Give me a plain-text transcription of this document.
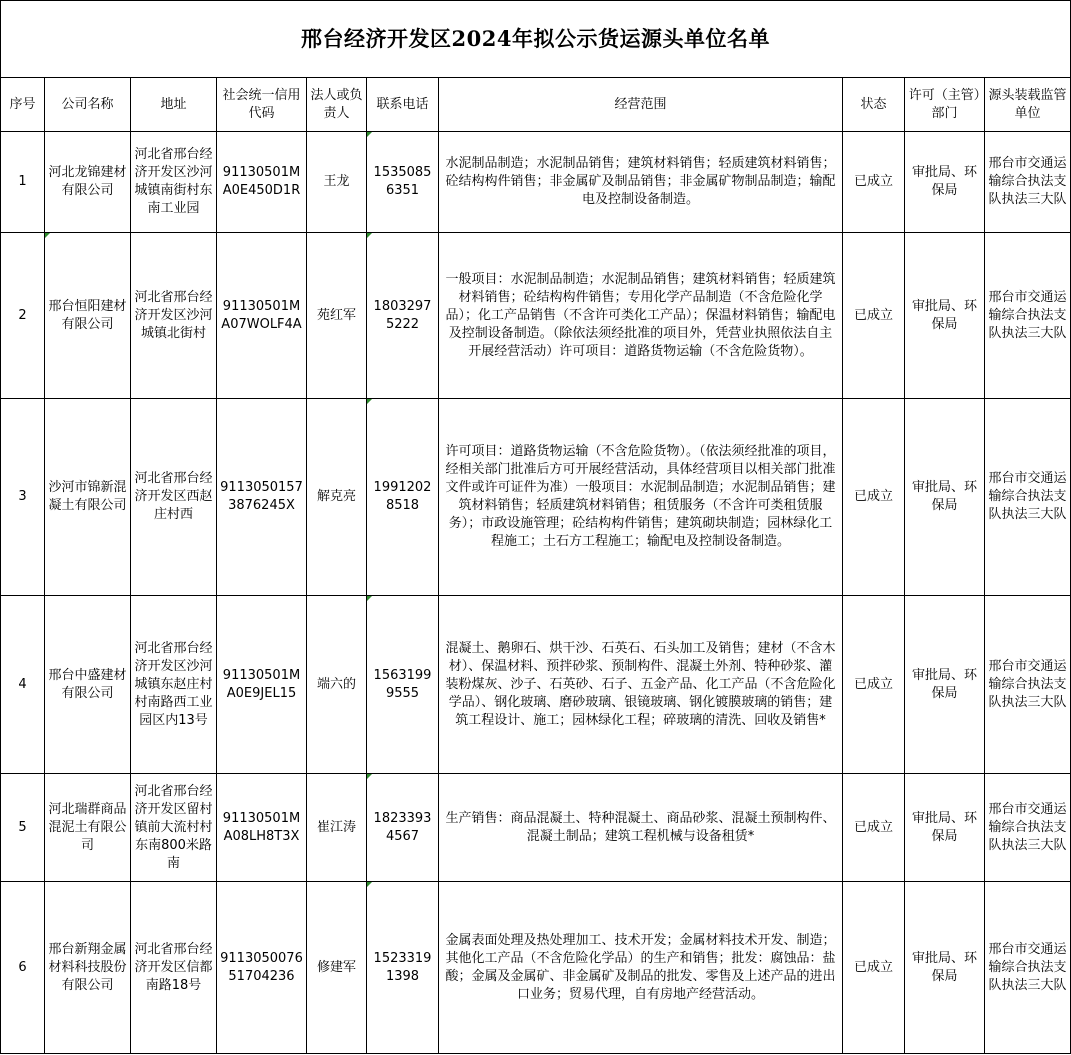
邢台经济开发区2024年拟公示货运源头单位名单									
序号	公司名称	地址	社会统一信用代码	法人或负责人	联系电话	经营范围	状态	许可（主管）部门	源头装载监管单位
1	河北龙锦建材有限公司	河北省邢台经济开发区沙河城镇南街村东南工业园	91130501MA0E450D1R	王龙	15350856351	水泥制品制造；水泥制品销售；建筑材料销售；轻质建筑材料销售；砼结构构件销售；非金属矿及制品销售；非金属矿物制品制造；输配电及控制设备制造。	已成立	审批局、环保局	邢台市交通运输综合执法支队执法三大队
2	邢台恒阳建材有限公司	河北省邢台经济开发区沙河城镇北街村	91130501MA07WOLF4A	苑红军	18032975222	一般项目：水泥制品制造；水泥制品销售；建筑材料销售；轻质建筑材料销售；砼结构构件销售；专用化学产品制造（不含危险化学品）；化工产品销售（不含许可类化工产品）；保温材料销售；输配电及控制设备制造。（除依法须经批准的项目外，凭营业执照依法自主开展经营活动）许可项目：道路货物运输（不含危险货物）。	已成立	审批局、环保局	邢台市交通运输综合执法支队执法三大队
3	沙河市锦新混凝土有限公司	河北省邢台经济开发区西赵庄村西	91130501573876245X	解克亮	19912028518	许可项目：道路货物运输（不含危险货物）。（依法须经批准的项目，经相关部门批准后方可开展经营活动，具体经营项目以相关部门批准文件或许可证件为准）一般项目：水泥制品制造；水泥制品销售；建筑材料销售；轻质建筑材料销售；租赁服务（不含许可类租赁服务）；市政设施管理；砼结构构件销售；建筑砌块制造；园林绿化工程施工；土石方工程施工；输配电及控制设备制造。	已成立	审批局、环保局	邢台市交通运输综合执法支队执法三大队
4	邢台中盛建材有限公司	河北省邢台经济开发区沙河城镇东赵庄村村南路西工业园区内13号	91130501MA0E9JEL15	端六的	15631999555	混凝土、鹅卵石、烘干沙、石英石、石头加工及销售；建材（不含木材）、保温材料、预拌砂浆、预制构件、混凝土外剂、特种砂浆、灌装粉煤灰、沙子、石英砂、石子、五金产品、化工产品（不含危险化学品）、钢化玻璃、磨砂玻璃、银镜玻璃、钢化镀膜玻璃的销售；建筑工程设计、施工；园林绿化工程；碎玻璃的清洗、回收及销售*	已成立	审批局、环保局	邢台市交通运输综合执法支队执法三大队
5	河北瑞群商品混泥土有限公司	河北省邢台经济开发区留村镇前大流村村东南800米路南	91130501MA08LH8T3X	崔江涛	18233934567	生产销售：商品混凝土、特种混凝土、商品砂浆、混凝土预制构件、混凝土制品；建筑工程机械与设备租赁*	已成立	审批局、环保局	邢台市交通运输综合执法支队执法三大队
6	邢台新翔金属材料科技股份有限公司	河北省邢台经济开发区信都南路18号	91130500765170423​6	修建军	15233191398	金属表面处理及热处理加工、技术开发；金属材料技术开发、制造；其他化工产品（不含危险化学品）的生产和销售；批发：腐蚀品：盐酸；金属及金属矿、非金属矿及制品的批发、零售及上述产品的进出口业务；贸易代理，自有房地产经营活动。	已成立	审批局、环保局	邢台市交通运输综合执法支队执法三大队
